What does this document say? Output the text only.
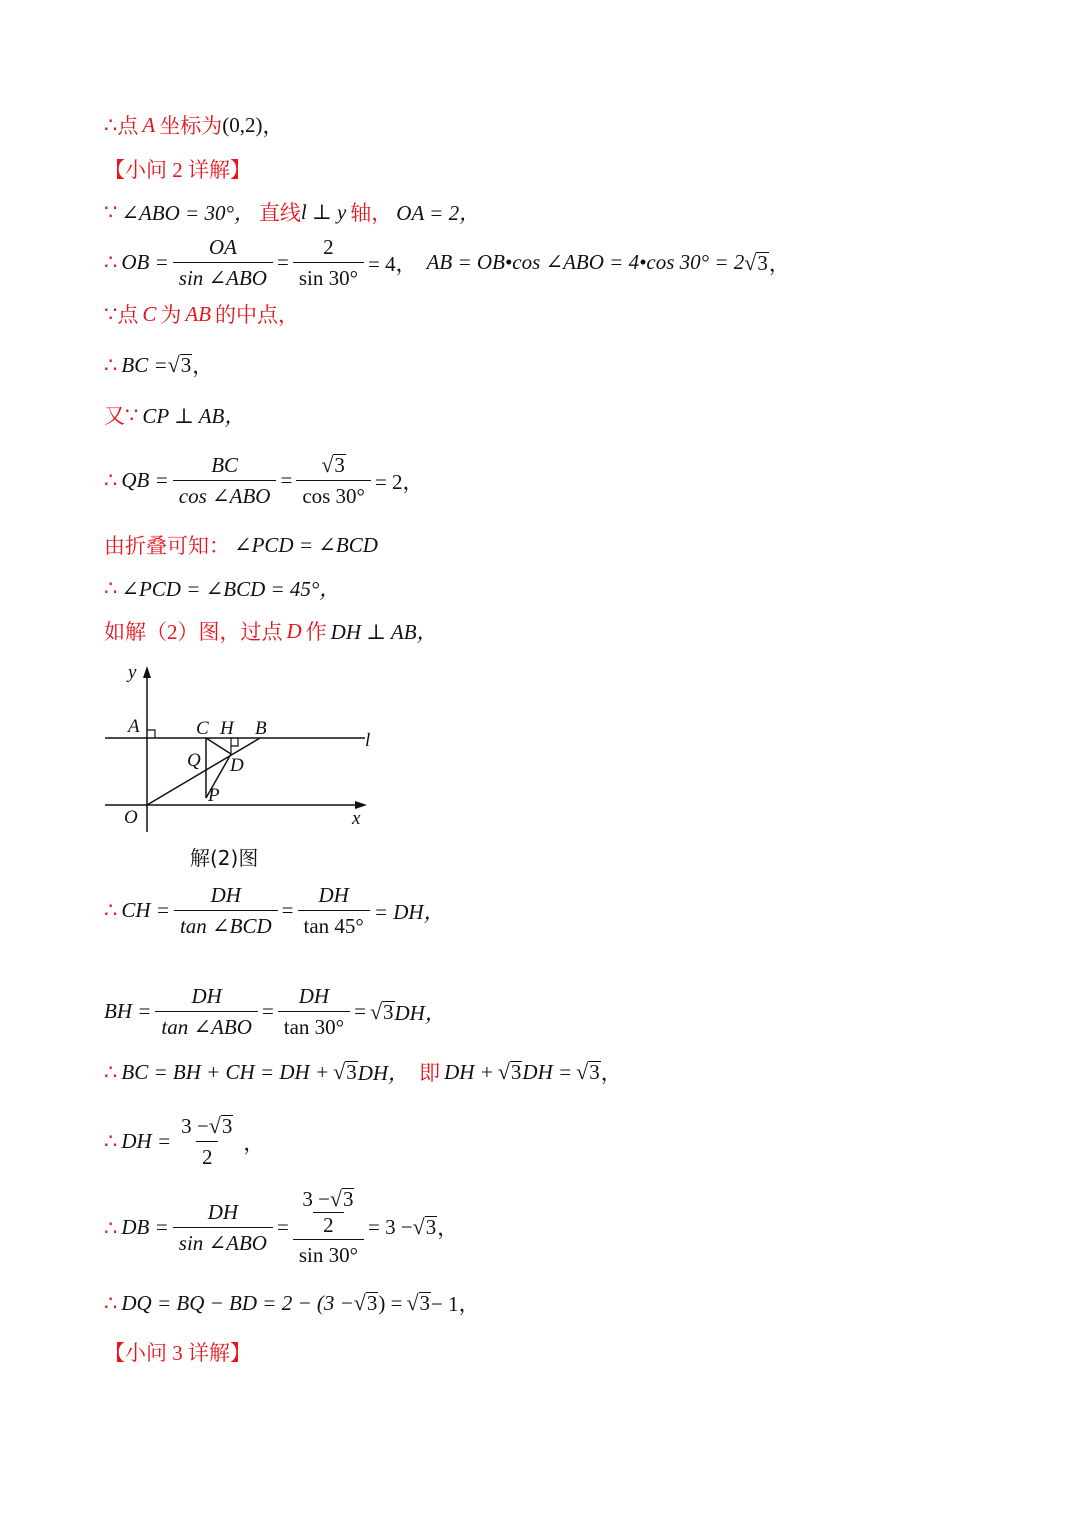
∴ 点 A 坐标为 (0,2) ，
【小问 2 详解】
∵ ∠ABO = 30°， 直线 l ⊥ y 轴， OA = 2，
∴ OB = $\frac{OA}{\text{sin ∠ABO}} = \frac{2}{\sin 30^\circ} = 4$， AB = OB•cos ∠ABO = 4•cos 30° = 2 √ 3 ，
∵ 点 C 为 AB 的中点，
∴ BC = √ 3 ，
又 ∵ CP ⊥ AB，
∴ QB = $\frac{BC}{\text{cos ∠ABO}} = \frac{√ 3}{\cos 30^\circ} = 2$，
由折叠可知： ∠PCD = ∠BCD
∴ ∠PCD = ∠BCD = 45°，
如解（2）图，过点 D 作 DH ⊥ AB，
y
x
O
A	C H B
Q D
P
l
解(2)图
∴ CH = $\frac{DH}{\text{tan ∠BCD}} = \frac{DH}{\tan 45^\circ}$ = DH，
BH = $\frac{DH}{\text{tan ∠ABO}} = \frac{DH}{\tan 30^\circ}$ = √ 3 DH，
∴ BC = BH + CH = DH + √ 3 DH， 即 DH + √ 3 DH = √ 3 ，
∴ DH = $\frac{3 - √ 3}{2}$ ，
∴ DB = $\frac{DH}{\text{sin ∠ABO}} = 3$ − √ 3
2
sin 30° = 3 − √ 3 ，
∴ DQ = BQ − BD = 2 − (3 − √ 3 ) = √ 3 − 1，
【小问 3 详解】
